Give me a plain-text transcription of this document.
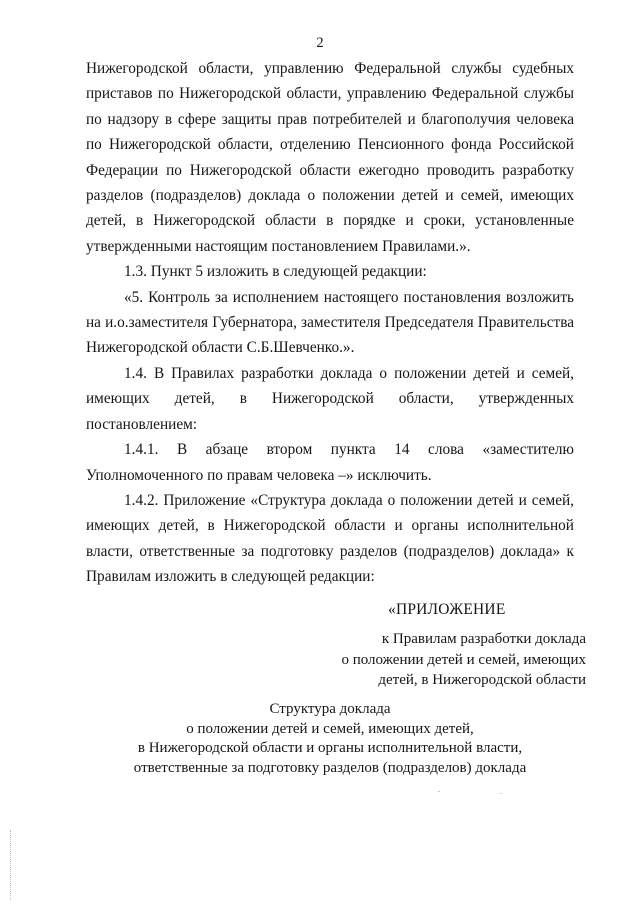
2

Нижегородской области, управлению Федеральной службы судебных приставов по Нижегородской области, управлению Федеральной службы по надзору в сфере защиты прав потребителей и благополучия человека по Нижегородской области, отделению Пенсионного фонда Российской Федерации по Нижегородской области ежегодно проводить разработку разделов (подразделов) доклада о положении детей и семей, имеющих детей, в Нижегородской области в порядке и сроки, установленные утвержденными настоящим постановлением Правилами.».

1.3. Пункт 5 изложить в следующей редакции:

«5. Контроль за исполнением настоящего постановления возложить на и.о.заместителя Губернатора, заместителя Председателя Правительства Нижегородской области С.Б.Шевченко.».

1.4. В Правилах разработки доклада о положении детей и семей, имеющих детей, в Нижегородской области, утвержденных постановлением:

1.4.1. В абзаце втором пункта 14 слова «заместителю

Уполномоченного по правам человека –» исключить.

1.4.2. Приложение «Структура доклада о положении детей и семей, имеющих детей, в Нижегородской области и органы исполнительной власти, ответственные за подготовку разделов (подразделов) доклада» к Правилам изложить в следующей редакции:

«ПРИЛОЖЕНИЕ
к Правилам разработки доклада
о положении детей и семей, имеющих
детей, в Нижегородской области
Структура доклада
о положении детей и семей, имеющих детей,
в Нижегородской области и органы исполнительной власти,
ответственные за подготовку разделов (подразделов) доклада
